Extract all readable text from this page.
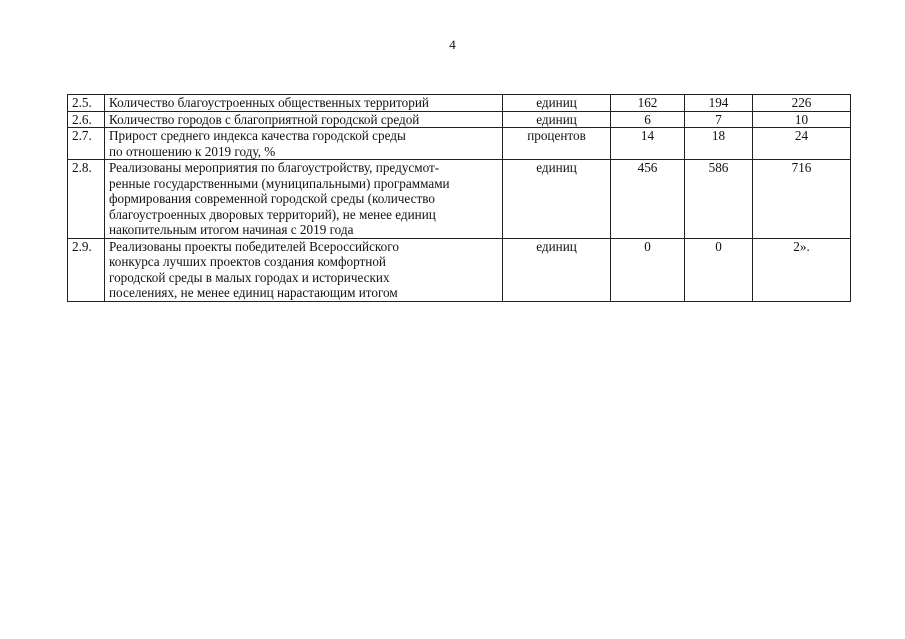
4
2.5.	Количество благоустроенных общественных территорий	единиц	162	194	226
2.6.	Количество городов с благоприятной городской средой	единиц	6	7	10
2.7.	Прирост среднего индекса качества городской среды
по отношению к 2019 году, %	процентов	14	18	24
2.8.	Реализованы мероприятия по благоустройству, предусмот-
ренные государственными (муниципальными) программами
формирования современной городской среды (количество
благоустроенных дворовых территорий), не менее единиц
накопительным итогом начиная с 2019 года	единиц	456	586	716
2.9.	Реализованы проекты победителей Всероссийского
конкурса лучших проектов создания комфортной
городской среды в малых городах и исторических
поселениях, не менее единиц нарастающим итогом	единиц	0	0	2».
